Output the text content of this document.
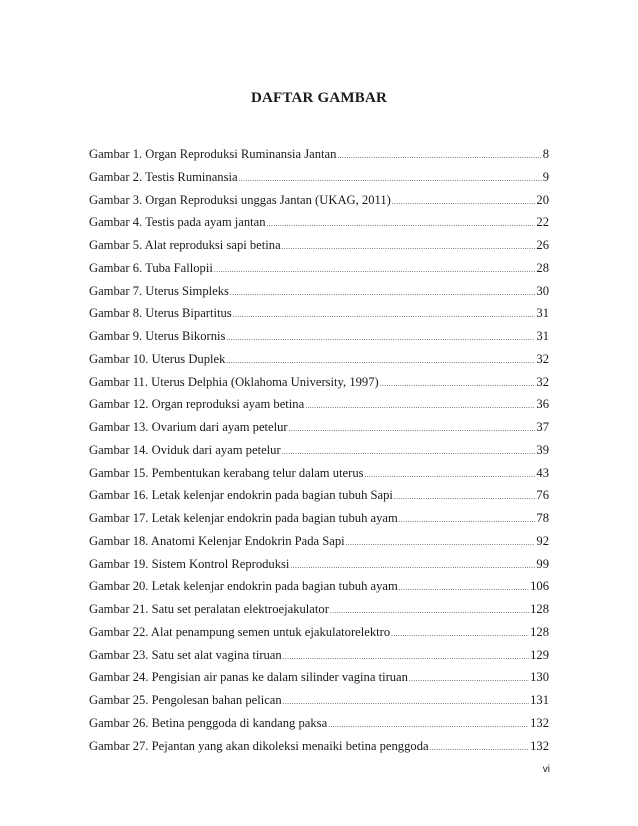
DAFTAR GAMBAR
Gambar 1. Organ Reproduksi Ruminansia Jantan .....	8
Gambar 2. Testis Ruminansia .....	9
Gambar 3. Organ Reproduksi unggas Jantan (UKAG, 2011) .....	20
Gambar 4. Testis pada ayam jantan .....	22
Gambar 5. Alat reproduksi sapi betina .....	26
Gambar 6. Tuba Fallopii .....	28
Gambar 7. Uterus Simpleks .....	30
Gambar 8. Uterus Bipartitus .....	31
Gambar 9. Uterus Bikornis .....	31
Gambar 10. Uterus Duplek .....	32
Gambar 11. Uterus Delphia (Oklahoma University, 1997) .....	32
Gambar 12. Organ reproduksi ayam betina .....	36
Gambar 13. Ovarium dari ayam petelur .....	37
Gambar 14. Oviduk dari ayam petelur .....	39
Gambar 15. Pembentukan kerabang telur dalam uterus .....	43
Gambar 16. Letak kelenjar endokrin pada bagian tubuh Sapi .....	76
Gambar 17. Letak kelenjar endokrin pada bagian tubuh ayam .....	78
Gambar 18. Anatomi Kelenjar Endokrin Pada Sapi .....	92
Gambar 19. Sistem Kontrol Reproduksi .....	99
Gambar 20. Letak kelenjar endokrin pada bagian tubuh ayam .....	106
Gambar 21. Satu set peralatan elektroejakulator .....	128
Gambar 22. Alat penampung semen untuk ejakulatorelektro .....	128
Gambar 23. Satu set alat vagina tiruan .....	129
Gambar 24. Pengisian air panas ke dalam silinder vagina tiruan .....	130
Gambar 25. Pengolesan bahan pelican .....	131
Gambar 26. Betina penggoda di kandang paksa .....	132
Gambar 27. Pejantan yang akan dikoleksi menaiki betina penggoda .....	132
vi
